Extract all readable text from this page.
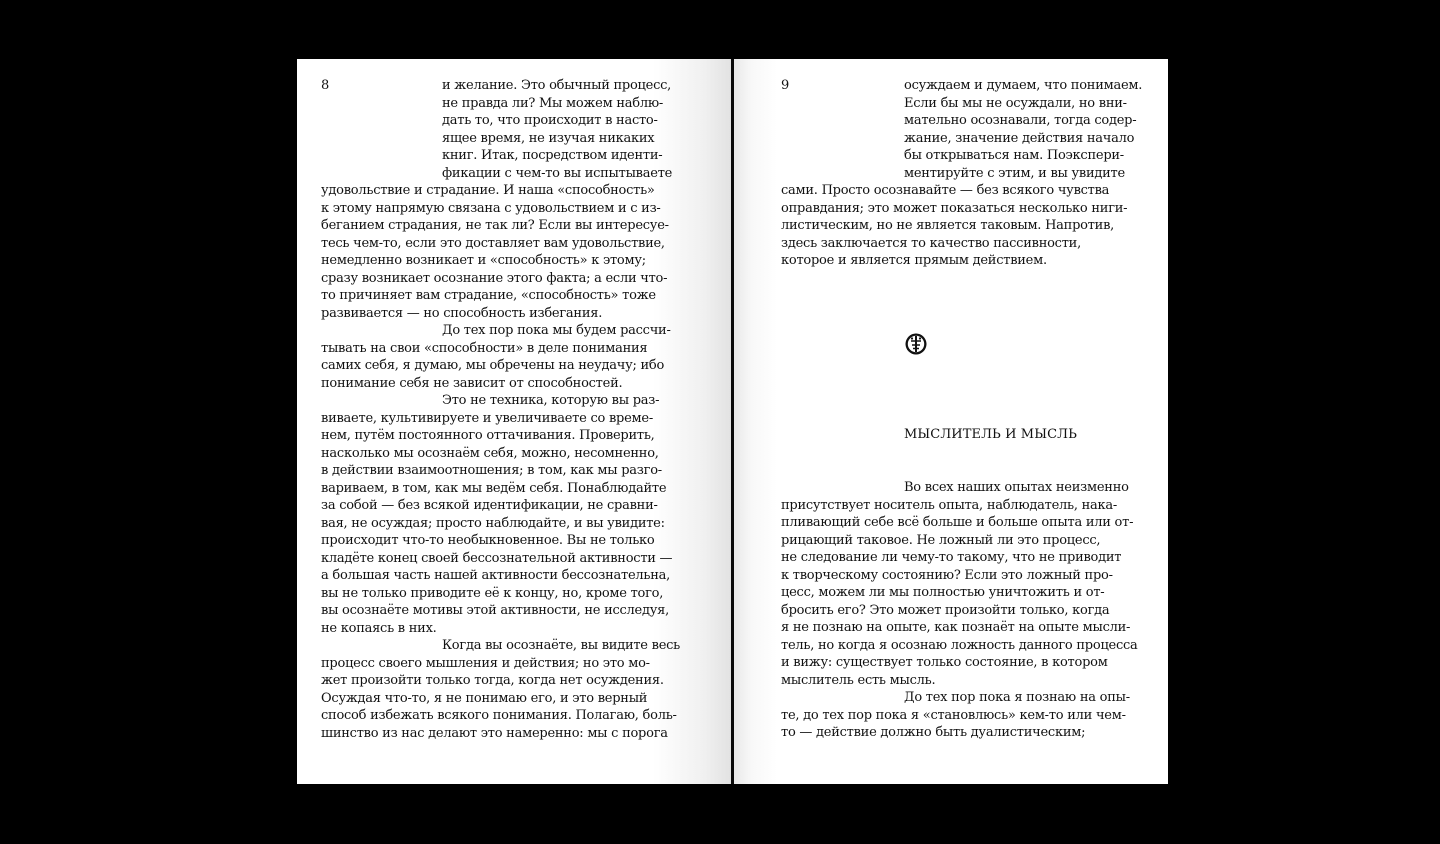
8	и желание. Это обычный процесс,
не правда ли? Мы можем наблю-
дать то, что происходит в насто-
ящее время, не изучая никаких
книг. Итак, посредством иденти-
фикации с чем-то вы испытываете
удовольствие и страдание. И наша «способность»
к этому напрямую связана с удовольствием и с из-
беганием страдания, не так ли? Если вы интересуе-
тесь чем-то, если это доставляет вам удовольствие,
немедленно возникает и «способность» к этому;
сразу возникает осознание этого факта; а если что-
то причиняет вам страдание, «способность» тоже
развивается — но способность избегания.
До тех пор пока мы будем рассчи-
тывать на свои «способности» в деле понимания
самих себя, я думаю, мы обречены на неудачу; ибо
понимание себя не зависит от способностей.
Это не техника, которую вы раз-
виваете, культивируете и увеличиваете со време-
нем, путём постоянного оттачивания. Проверить,
насколько мы осознаём себя, можно, несомненно,
в действии взаимоотношения; в том, как мы разго-
вариваем, в том, как мы ведём себя. Понаблюдайте
за собой — без всякой идентификации, не сравни-
вая, не осуждая; просто наблюдайте, и вы увидите:
происходит что-то необыкновенное. Вы не только
кладёте конец своей бессознательной активности —
а большая часть нашей активности бессознательна,
вы не только приводите её к концу, но, кроме того,
вы осознаёте мотивы этой активности, не исследуя,
не копаясь в них.
Когда вы осознаёте, вы видите весь
процесс своего мышления и действия; но это мо-
жет произойти только тогда, когда нет осуждения.
Осуждая что-то, я не понимаю его, и это верный
способ избежать всякого понимания. Полагаю, боль-
шинство из нас делают это намеренно: мы с порога

9	осуждаем и думаем, что понимаем.
Если бы мы не осуждали, но вни-
мательно осознавали, тогда содер-
жание, значение действия начало
бы открываться нам. Поэкспери-
ментируйте с этим, и вы увидите
сами. Просто осознавайте — без всякого чувства
оправдания; это может показаться несколько ниги-
листическим, но не является таковым. Напротив,
здесь заключается то качество пассивности,
которое и является прямым действием.

МЫСЛИТЕЛЬ И МЫСЛЬ

Во всех наших опытах неизменно
присутствует носитель опыта, наблюдатель, нака-
пливающий себе всё больше и больше опыта или от-
рицающий таковое. Не ложный ли это процесс,
не следование ли чему-то такому, что не приводит
к творческому состоянию? Если это ложный про-
цесс, можем ли мы полностью уничтожить и от-
бросить его? Это может произойти только, когда
я не познаю на опыте, как познаёт на опыте мысли-
тель, но когда я осознаю ложность данного процесса
и вижу: существует только состояние, в котором
мыслитель есть мысль.
До тех пор пока я познаю на опы-
те, до тех пор пока я «становлюсь» кем-то или чем-
то — действие должно быть дуалистическим;
